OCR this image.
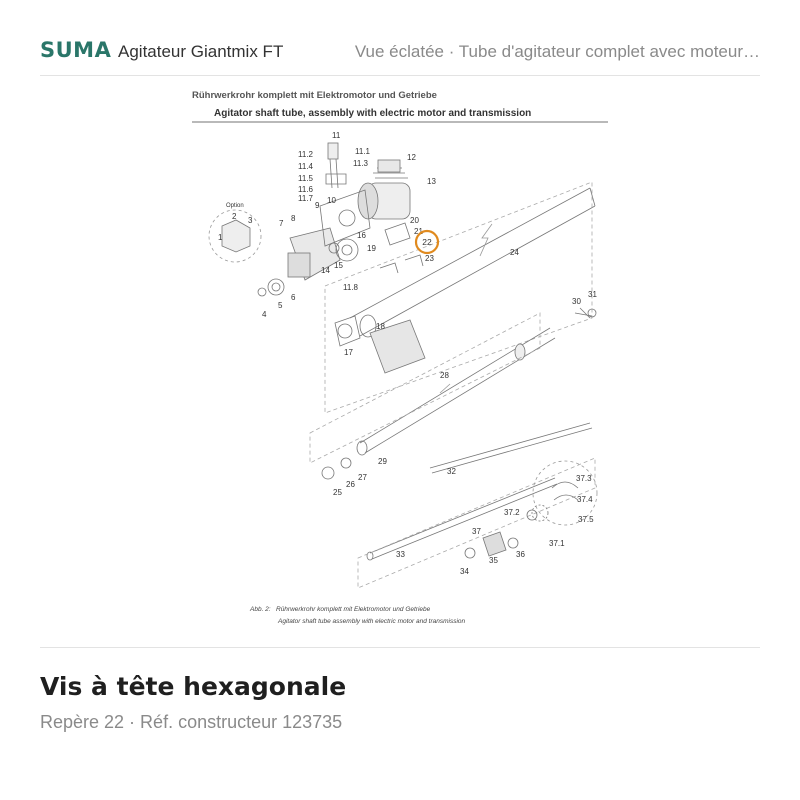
SUMA Agitateur Giantmix FT	Vue éclatée · Tube d'agitateur complet avec moteur…
Rührwerkrohr komplett mit Elektromotor und Getriebe
Agitator shaft tube, assembly with electric motor and transmission
1
2 3
4
5
6
7
8
9
10
11
11.1
11.2
11.3
11.4
11.5
11.6
11.7
11.8
12
13
14
15
16
17
18
19
20
21
23
24
25
26
27
28
29
30
31
32
33
34
35
36
37
37.1
37.2
37.3
37.4
37.5
Option
22
Abb. 2: Rührwerkrohr komplett mit Elektromotor und Getriebe
Agitator shaft tube assembly with electric motor and transmission
Vis à tête hexagonale
Repère 22 · Réf. constructeur 123735
